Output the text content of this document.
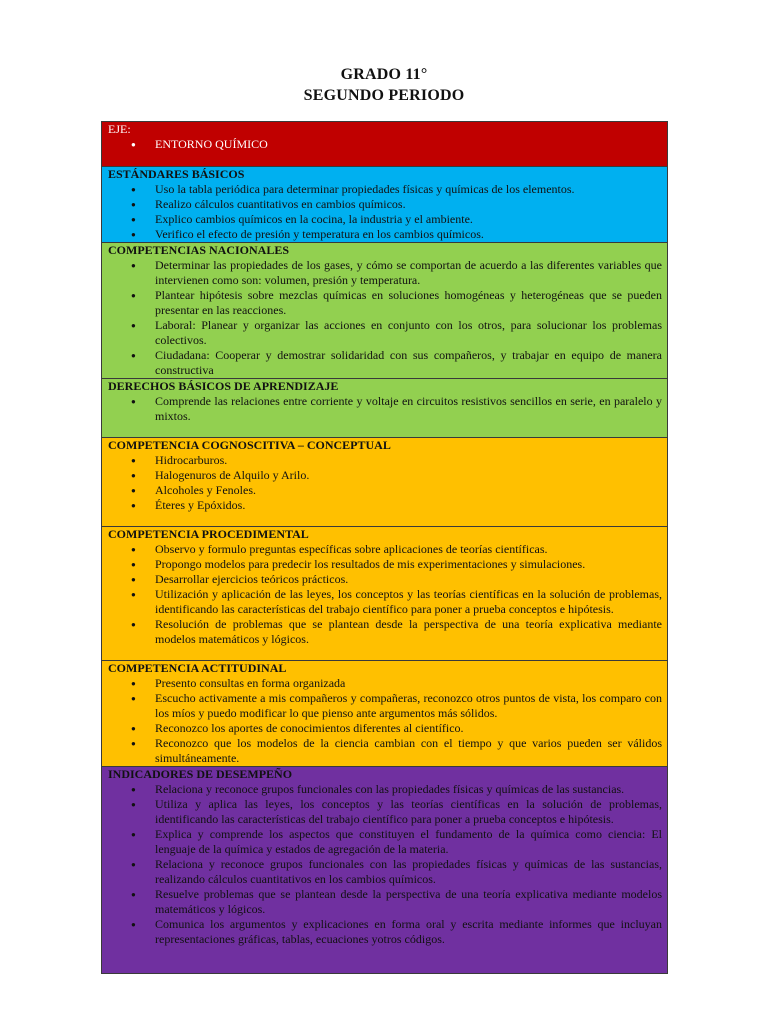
GRADO 11°
SEGUNDO PERIODO
EJE:
● ENTORNO QUÍMICO

ESTÁNDARES BÁSICOS
● Uso la tabla periódica para determinar propiedades físicas y químicas de los elementos.
● Realizo cálculos cuantitativos en cambios químicos.
● Explico cambios químicos en la cocina, la industria y el ambiente.
● Verifico el efecto de presión y temperatura en los cambios químicos.

COMPETENCIAS NACIONALES
● Determinar las propiedades de los gases, y cómo se comportan de acuerdo a las diferentes variables que intervienen como son: volumen, presión y temperatura.
● Plantear hipótesis sobre mezclas químicas en soluciones homogéneas y heterogéneas que se pueden presentar en las reacciones.
● Laboral: Planear y organizar las acciones en conjunto con los otros, para solucionar los problemas colectivos.
● Ciudadana: Cooperar y demostrar solidaridad con sus compañeros, y trabajar en equipo de manera constructiva

DERECHOS BÁSICOS DE APRENDIZAJE
● Comprende las relaciones entre corriente y voltaje en circuitos resistivos sencillos en serie, en paralelo y mixtos.

COMPETENCIA COGNOSCITIVA – CONCEPTUAL
● Hidrocarburos.
● Halogenuros de Alquilo y Arilo.
● Alcoholes y Fenoles.
● Éteres y Epóxidos.

COMPETENCIA PROCEDIMENTAL
● Observo y formulo preguntas específicas sobre aplicaciones de teorías científicas.
● Propongo modelos para predecir los resultados de mis experimentaciones y simulaciones.
● Desarrollar ejercicios teóricos prácticos.
● Utilización y aplicación de las leyes, los conceptos y las teorías científicas en la solución de problemas, identificando las características del trabajo científico para poner a prueba conceptos e hipótesis.
● Resolución de problemas que se plantean desde la perspectiva de una teoría explicativa mediante modelos matemáticos y lógicos.

COMPETENCIA ACTITUDINAL
● Presento consultas en forma organizada
● Escucho activamente a mis compañeros y compañeras, reconozco otros puntos de vista, los comparo con los míos y puedo modificar lo que pienso ante argumentos más sólidos.
● Reconozco los aportes de conocimientos diferentes al científico.
● Reconozco que los modelos de la ciencia cambian con el tiempo y que varios pueden ser válidos simultáneamente.

INDICADORES DE DESEMPEÑO
● Relaciona y reconoce grupos funcionales con las propiedades físicas y químicas de las sustancias.
● Utiliza y aplica las leyes, los conceptos y las teorías científicas en la solución de problemas, identificando las características del trabajo científico para poner a prueba conceptos e hipótesis.
● Explica y comprende los aspectos que constituyen el fundamento de la química como ciencia: El lenguaje de la química y estados de agregación de la materia.
● Relaciona y reconoce grupos funcionales con las propiedades físicas y químicas de las sustancias, realizando cálculos cuantitativos en los cambios químicos.
● Resuelve problemas que se plantean desde la perspectiva de una teoría explicativa mediante modelos matemáticos y lógicos.
● Comunica los argumentos y explicaciones en forma oral y escrita mediante informes que incluyan representaciones gráficas, tablas, ecuaciones yotros códigos.
